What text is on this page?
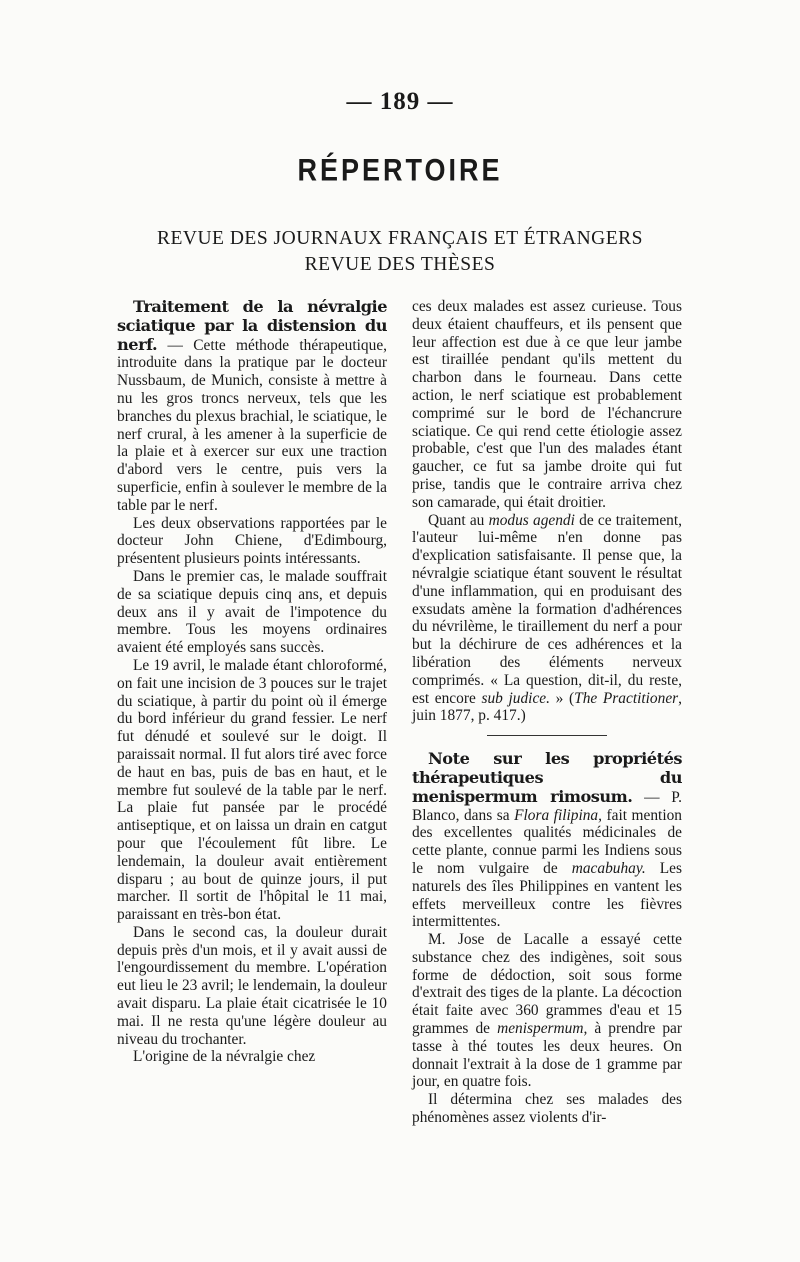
— 189 —
RÉPERTOIRE
REVUE DES JOURNAUX FRANÇAIS ET ÉTRANGERS
REVUE DES THÈSES

Traitement de la névralgie sciatique par la distension du nerf. — Cette méthode thérapeutique, introduite dans la pratique par le docteur Nussbaum, de Munich, consiste à mettre à nu les gros troncs nerveux, tels que les branches du plexus brachial, le sciatique, le nerf crural, à les amener à la superficie de la plaie et à exercer sur eux une traction d'abord vers le centre, puis vers la superficie, enfin à soulever le membre de la table par le nerf.

Les deux observations rapportées par le docteur John Chiene, d'Edimbourg, présentent plusieurs points intéressants.

Dans le premier cas, le malade souffrait de sa sciatique depuis cinq ans, et depuis deux ans il y avait de l'impotence du membre. Tous les moyens ordinaires avaient été employés sans succès.

Le 19 avril, le malade étant chloroformé, on fait une incision de 3 pouces sur le trajet du sciatique, à partir du point où il émerge du bord inférieur du grand fessier. Le nerf fut dénudé et soulevé sur le doigt. Il paraissait normal. Il fut alors tiré avec force de haut en bas, puis de bas en haut, et le membre fut soulevé de la table par le nerf. La plaie fut pansée par le procédé antiseptique, et on laissa un drain en catgut pour que l'écoulement fût libre. Le lendemain, la douleur avait entièrement disparu ; au bout de quinze jours, il put marcher. Il sortit de l'hôpital le 11 mai, paraissant en très-bon état.

Dans le second cas, la douleur durait depuis près d'un mois, et il y avait aussi de l'engourdissement du membre. L'opération eut lieu le 23 avril; le lendemain, la douleur avait disparu. La plaie était cicatrisée le 10 mai. Il ne resta qu'une légère douleur au niveau du trochanter.

L'origine de la névralgie chez

ces deux malades est assez curieuse. Tous deux étaient chauffeurs, et ils pensent que leur affection est due à ce que leur jambe est tiraillée pendant qu'ils mettent du charbon dans le fourneau. Dans cette action, le nerf sciatique est probablement comprimé sur le bord de l'échancrure sciatique. Ce qui rend cette étiologie assez probable, c'est que l'un des malades étant gaucher, ce fut sa jambe droite qui fut prise, tandis que le contraire arriva chez son camarade, qui était droitier.

Quant au modus agendi de ce traitement, l'auteur lui-même n'en donne pas d'explication satisfaisante. Il pense que, la névralgie sciatique étant souvent le résultat d'une inflammation, qui en produisant des exsudats amène la formation d'adhérences du névrilème, le tiraillement du nerf a pour but la déchirure de ces adhérences et la libération des éléments nerveux comprimés. « La question, dit-il, du reste, est encore sub judice. » (The Practitioner, juin 1877, p. 417.)

Note sur les propriétés thérapeutiques du menispermum rimosum. — P. Blanco, dans sa Flora filipina, fait mention des excellentes qualités médicinales de cette plante, connue parmi les Indiens sous le nom vulgaire de macabuhay. Les naturels des îles Philippines en vantent les effets merveilleux contre les fièvres intermittentes.

M. Jose de Lacalle a essayé cette substance chez des indigènes, soit sous forme de dédoction, soit sous forme d'extrait des tiges de la plante. La décoction était faite avec 360 grammes d'eau et 15 grammes de menispermum, à prendre par tasse à thé toutes les deux heures. On donnait l'extrait à la dose de 1 gramme par jour, en quatre fois.

Il détermina chez ses malades des phénomènes assez violents d'ir-
